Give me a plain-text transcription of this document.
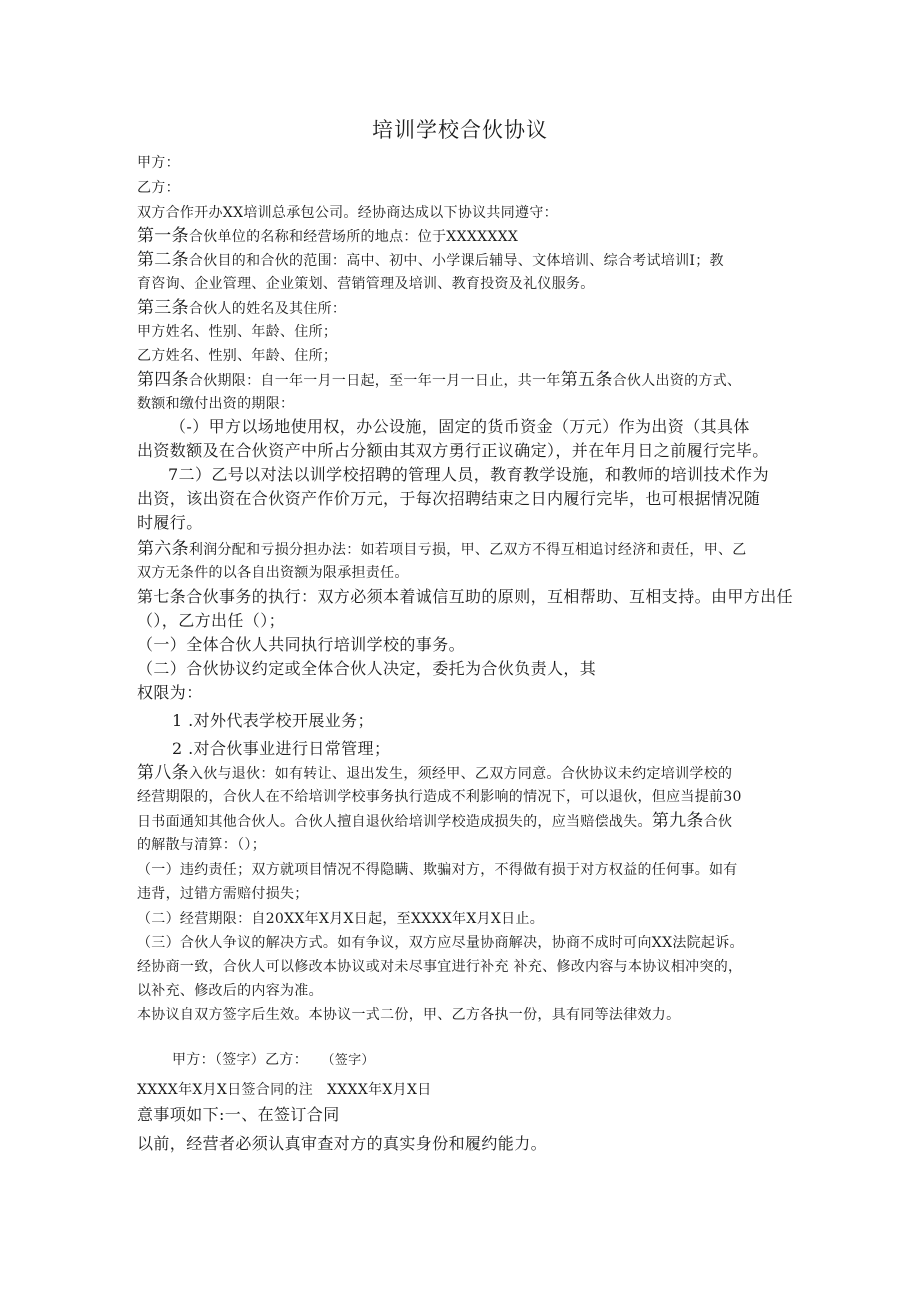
培训学校合伙协议

甲方：

乙方：

双方合作开办XX培训总承包公司。经协商达成以下协议共同遵守：

第一条合伙单位的名称和经营场所的地点：位于XXXXXXX

第二条合伙目的和合伙的范围：高中、初中、小学课后辅导、文体培训、综合考试培训I；教

育咨询、企业管理、企业策划、营销管理及培训、教育投资及礼仪服务。

第三条合伙人的姓名及其住所：

甲方姓名、性别、年龄、住所；

乙方姓名、性别、年龄、住所；

第四条合伙期限：自一年一月一日起，至一年一月一日止，共一年第五条合伙人出资的方式、

数额和缴付出资的期限：

（-）甲方以场地使用权，办公设施，固定的货币资金（万元）作为出资（其具体

出资数额及在合伙资产中所占分额由其双方勇行正议确定），并在年月日之前履行完毕。

7二）乙号以对法以训学校招聘的管理人员，教育教学设施，和教师的培训技术作为

出资，该出资在合伙资产作价万元，于每次招聘结束之日内履行完毕，也可根据情况随

时履行。

第六条利润分配和亏损分担办法：如若项目亏损，甲、乙双方不得互相追讨经济和责任，甲、乙

双方无条件的以各自出资额为限承担责任。

第七条合伙事务的执行：双方必须本着诚信互助的原则，互相帮助、互相支持。由甲方出任

（），乙方出任（）；

（一）全体合伙人共同执行培训学校的事务。

（二）合伙协议约定或全体合伙人决定，委托为合伙负责人，其

权限为：

1 .对外代表学校开展业务；

2 .对合伙事业进行日常管理；

第八条入伙与退伙：如有转让、退出发生，须经甲、乙双方同意。合伙协议未约定培训学校的

经营期限的，合伙人在不给培训学校事务执行造成不利影响的情况下，可以退伙，但应当提前30

日书面通知其他合伙人。合伙人擅自退伙给培训学校造成损失的，应当赔偿战失。第九条合伙

的解散与清算：（）；

（一）违约责任；双方就项目情况不得隐瞒、欺骗对方，不得做有损于对方权益的任何事。如有

违背，过错方需赔付损失；

（二）经营期限：自20XX年X月X日起，至XXXX年X月X日止。

（三）合伙人争议的解决方式。如有争议，双方应尽量协商解决，协商不成时可向XX法院起诉。

经协商一致，合伙人可以修改本协议或对未尽事宜进行补充 补充、修改内容与本协议相冲突的，

以补充、修改后的内容为准。

本协议自双方签字后生效。本协议一式二份，甲、乙方各执一份，具有同等法律效力。

甲方：（签字）乙方： （签字）

XXXX年X月X日签合同的注 XXXX年X月X日

意事项如下:一、在签订合同

以前，经营者必须认真审查对方的真实身份和履约能力。
